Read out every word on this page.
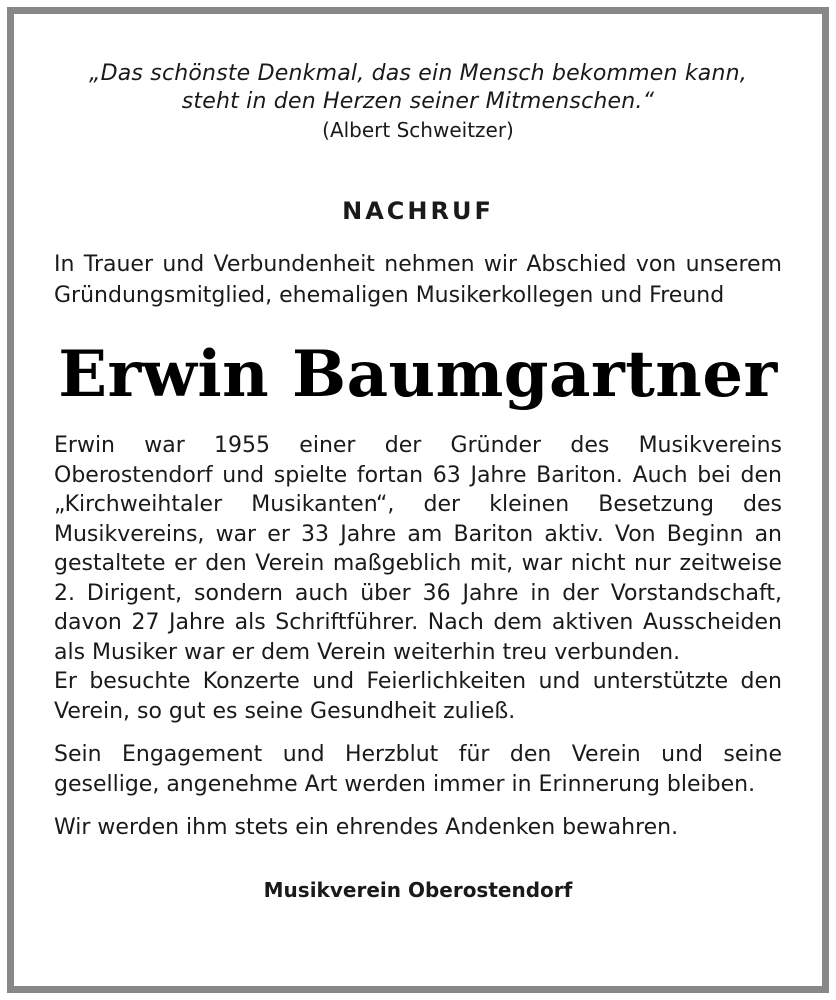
„Das schönste Denkmal, das ein Mensch bekommen kann,
steht in den Herzen seiner Mitmenschen.“
(Albert Schweitzer)
NACHRUF
In Trauer und Verbundenheit nehmen wir Abschied von unserem Gründungsmitglied, ehemaligen Musikerkollegen und Freund
Erwin Baumgartner

Erwin war 1955 einer der Gründer des Musikvereins Oberostendorf und spielte fortan 63 Jahre Bariton. Auch bei den „Kirchweihtaler Musikanten“, der kleinen Besetzung des Musikvereins, war er 33 Jahre am Bariton aktiv. Von Beginn an gestaltete er den Verein maßgeblich mit, war nicht nur zeitweise 2. Dirigent, sondern auch über 36 Jahre in der Vorstandschaft, davon 27 Jahre als Schriftführer. Nach dem aktiven Ausscheiden als Musiker war er dem Verein weiterhin treu verbunden.

Er besuchte Konzerte und Feierlichkeiten und unterstützte den Verein, so gut es seine Gesundheit zuließ.

Sein Engagement und Herzblut für den Verein und seine gesellige, angenehme Art werden immer in Erinnerung bleiben.

Wir werden ihm stets ein ehrendes Andenken bewahren.

Musikverein Oberostendorf
